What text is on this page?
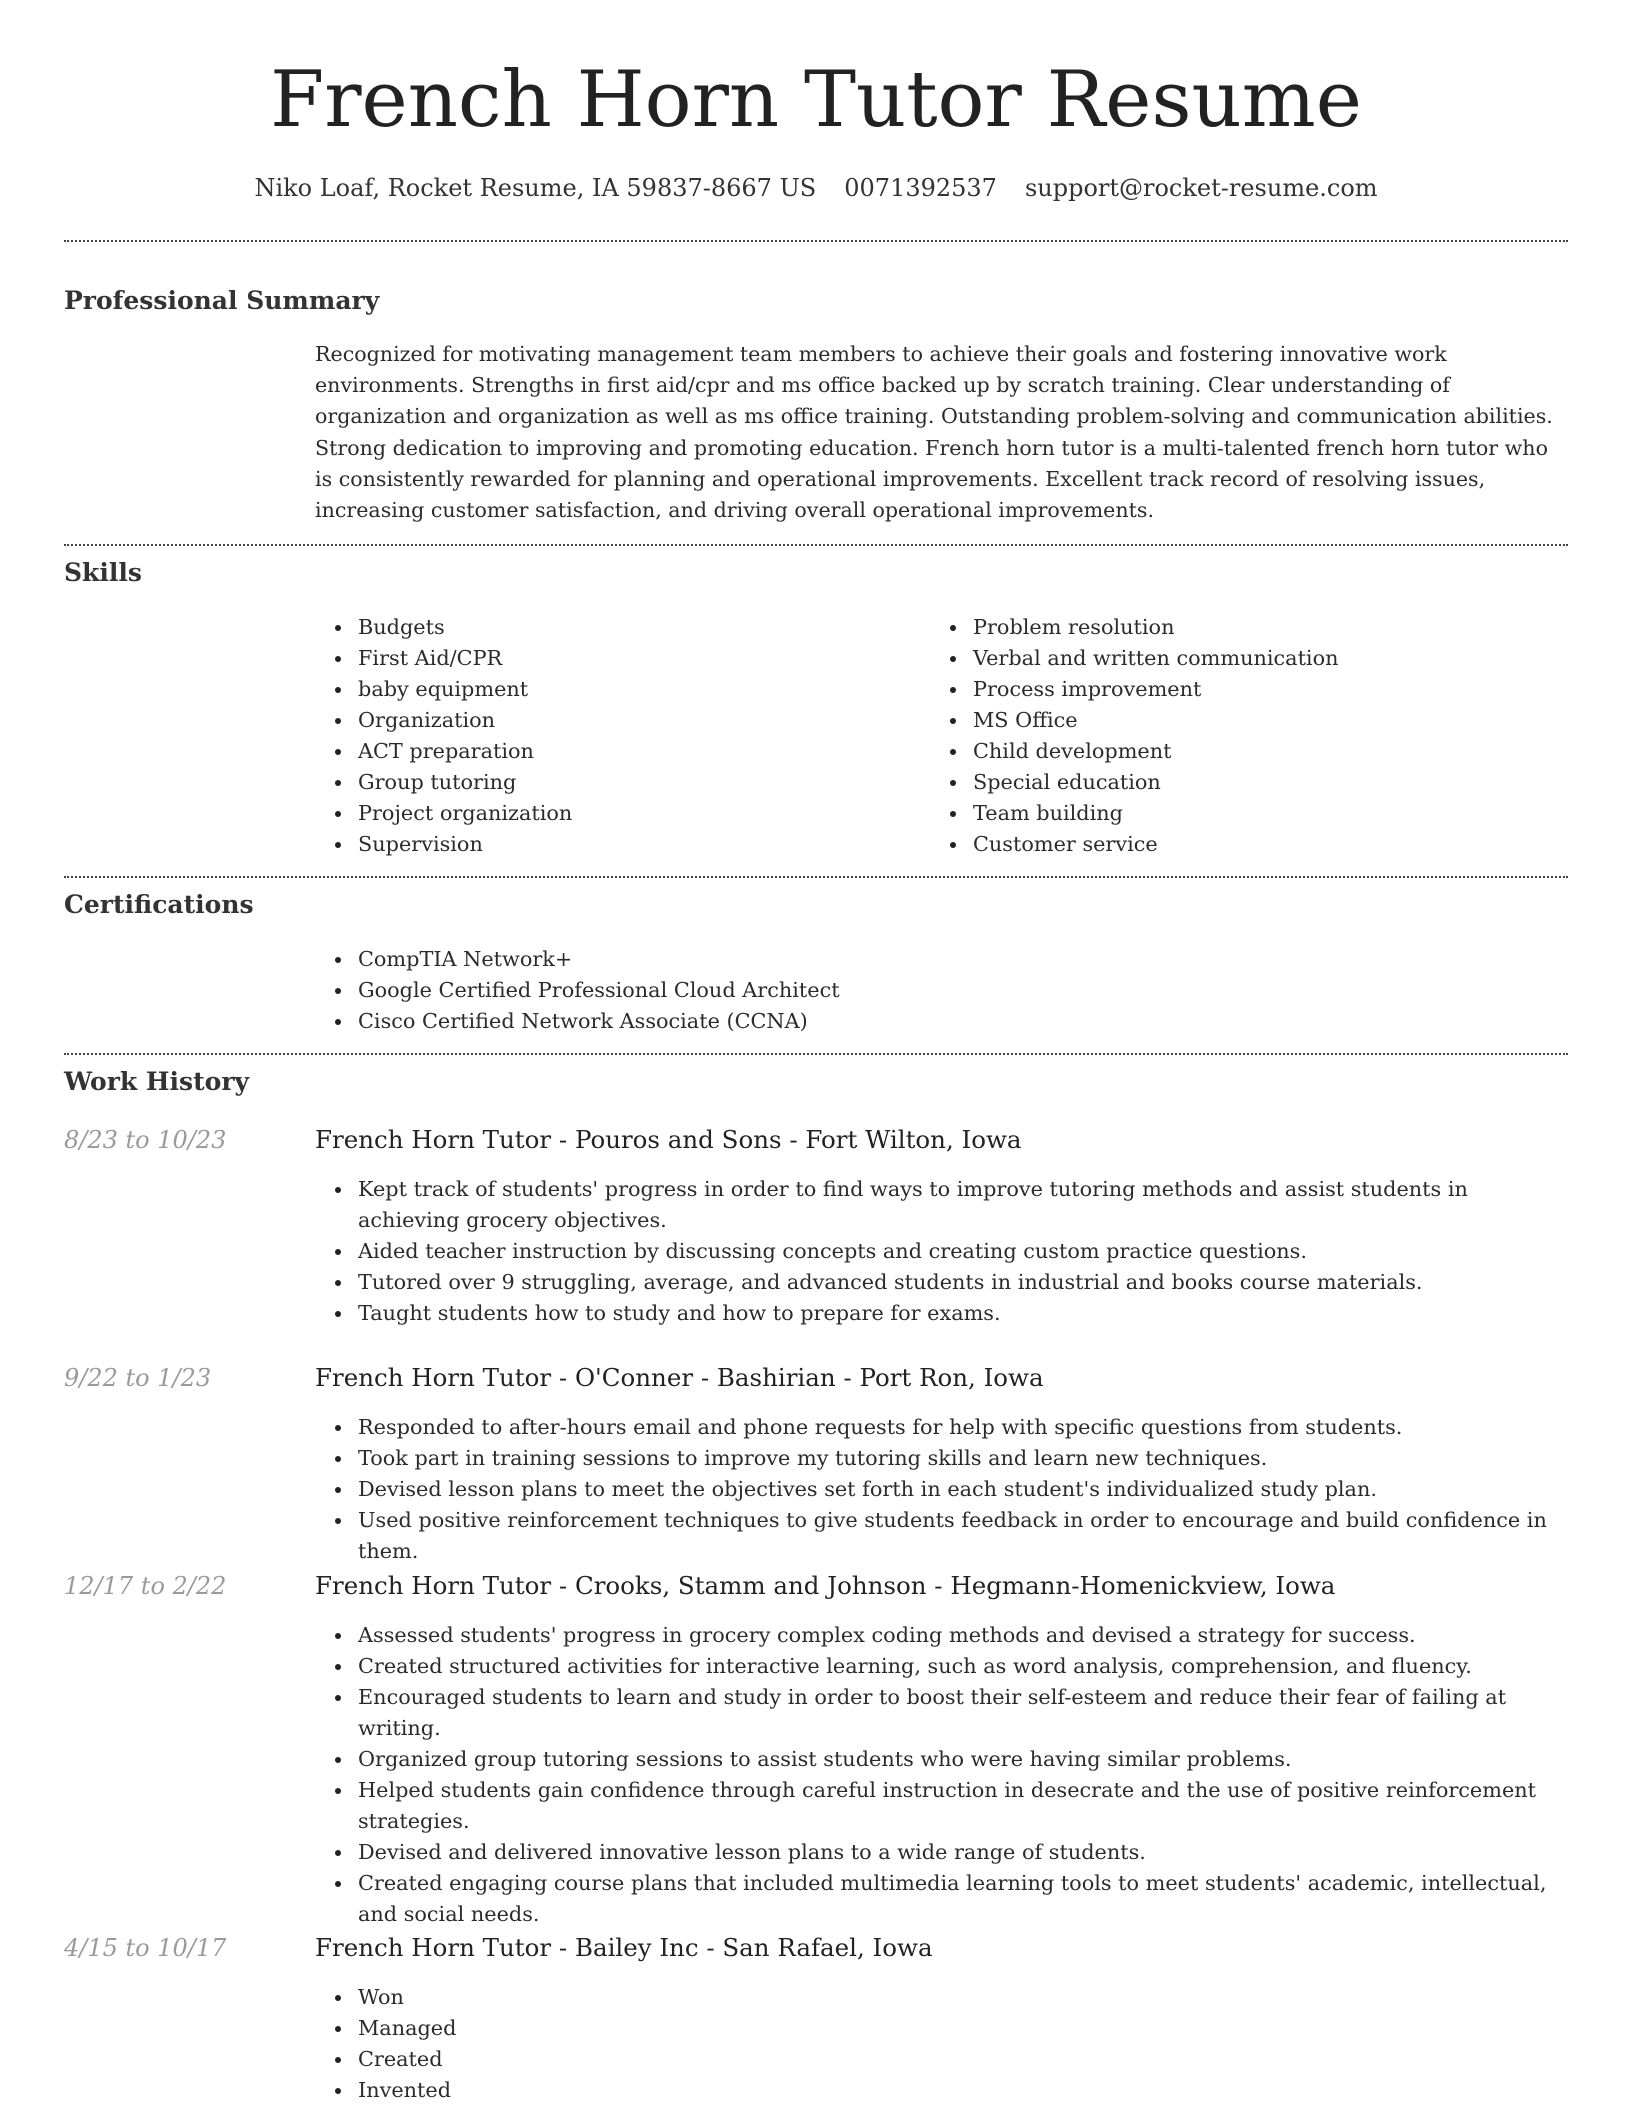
French Horn Tutor Resume
Niko Loaf, Rocket Resume, IA 59837-8667 US 0071392537 support@rocket-resume.com
Professional Summary

Recognized for motivating management team members to achieve their goals and fostering innovative work environments. Strengths in first aid/cpr and ms office backed up by scratch training. Clear understanding of organization and organization as well as ms office training. Outstanding problem-solving and communication abilities. Strong dedication to improving and promoting education. French horn tutor is a multi-talented french horn tutor who is consistently rewarded for planning and operational improvements. Excellent track record of resolving issues, increasing customer satisfaction, and driving overall operational improvements.

Skills
Budgets
First Aid/CPR
baby equipment
Organization
ACT preparation
Group tutoring
Project organization
Supervision
Problem resolution
Verbal and written communication
Process improvement
MS Office
Child development
Special education
Team building
Customer service
Certifications
CompTIA Network+
Google Certified Professional Cloud Architect
Cisco Certified Network Associate (CCNA)
Work History
8/23 to 10/23	French Horn Tutor - Pouros and Sons - Fort Wilton, Iowa
Kept track of students' progress in order to find ways to improve tutoring methods and assist students in achieving grocery objectives.
Aided teacher instruction by discussing concepts and creating custom practice questions.
Tutored over 9 struggling, average, and advanced students in industrial and books course materials.
Taught students how to study and how to prepare for exams.
9/22 to 1/23	French Horn Tutor - O'Conner - Bashirian - Port Ron, Iowa
Responded to after-hours email and phone requests for help with specific questions from students.
Took part in training sessions to improve my tutoring skills and learn new techniques.
Devised lesson plans to meet the objectives set forth in each student's individualized study plan.
Used positive reinforcement techniques to give students feedback in order to encourage and build confidence in them.
12/17 to 2/22	French Horn Tutor - Crooks, Stamm and Johnson - Hegmann-Homenickview, Iowa
Assessed students' progress in grocery complex coding methods and devised a strategy for success.
Created structured activities for interactive learning, such as word analysis, comprehension, and fluency.
Encouraged students to learn and study in order to boost their self-esteem and reduce their fear of failing at writing.
Organized group tutoring sessions to assist students who were having similar problems.
Helped students gain confidence through careful instruction in desecrate and the use of positive reinforcement strategies.
Devised and delivered innovative lesson plans to a wide range of students.
Created engaging course plans that included multimedia learning tools to meet students' academic, intellectual, and social needs.
4/15 to 10/17	French Horn Tutor - Bailey Inc - San Rafael, Iowa
Won
Managed
Created
Invented
